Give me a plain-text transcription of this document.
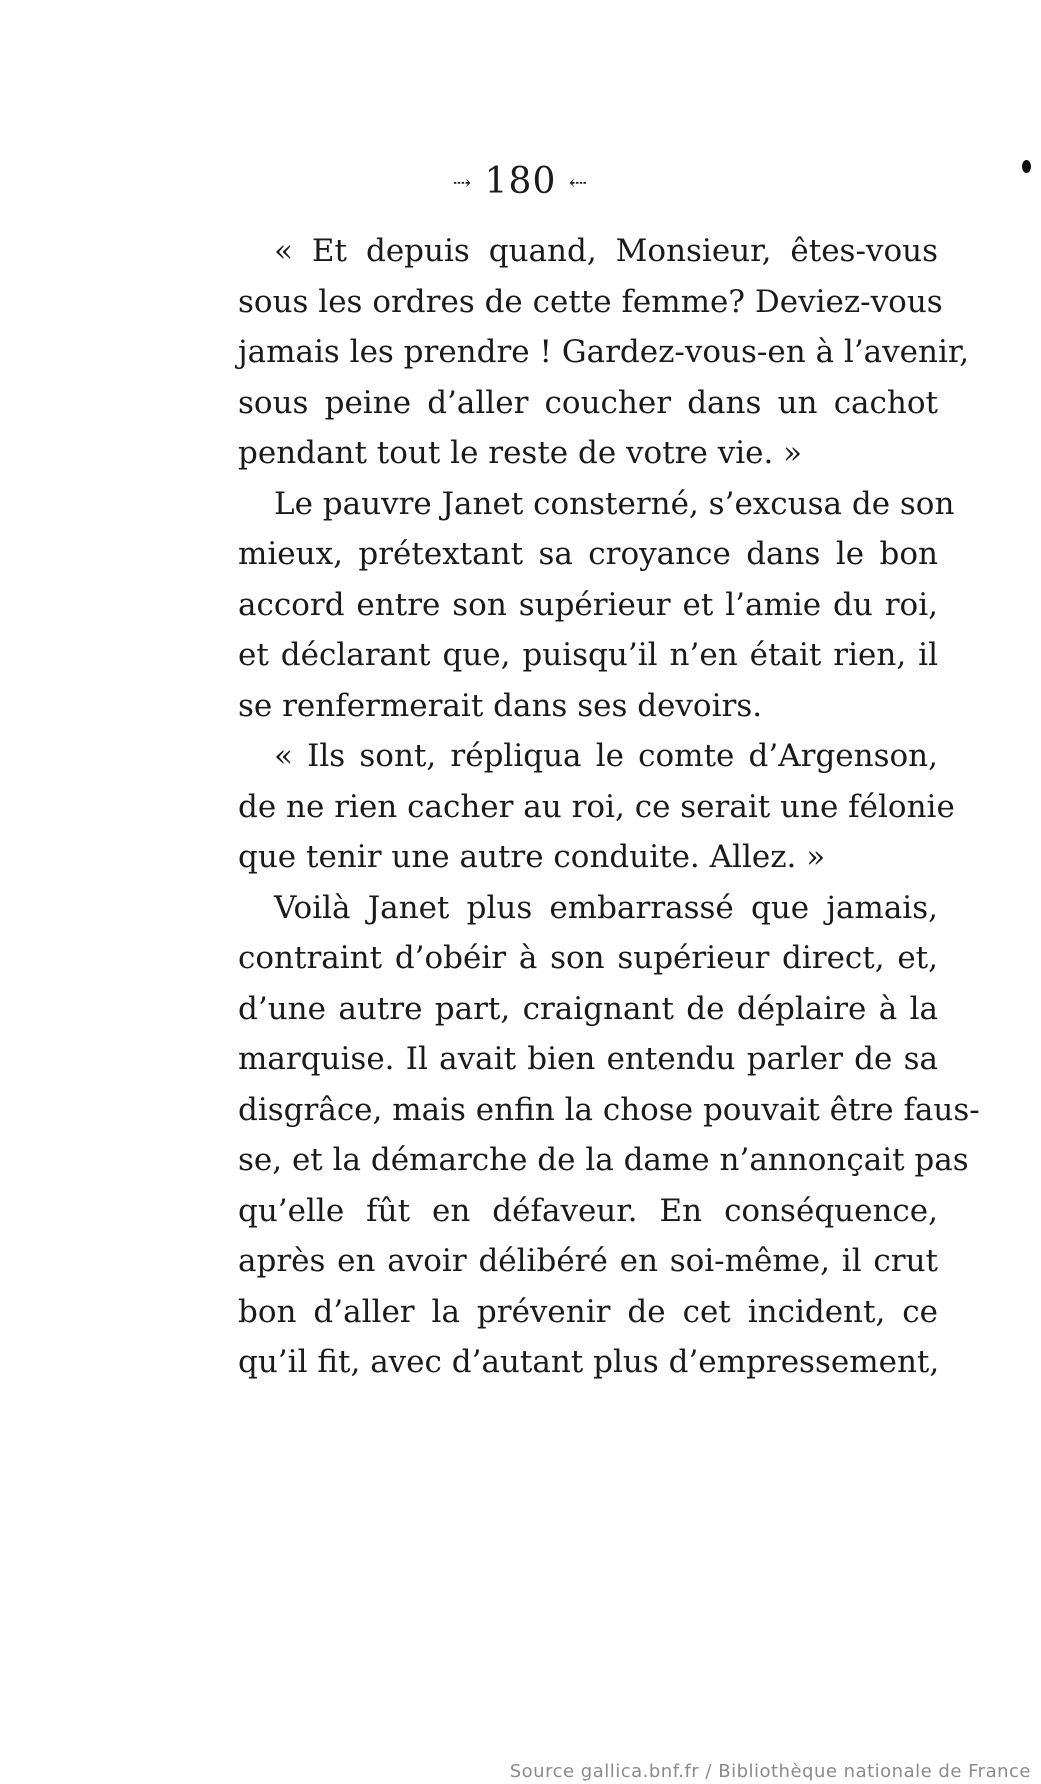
⇢ 180 ⇠
« Et depuis quand, Monsieur, êtes-vous
sous les ordres de cette femme? Deviez-vous
jamais les prendre ! Gardez-vous-en à l’avenir,
sous peine d’aller coucher dans un cachot
pendant tout le reste de votre vie. »
Le pauvre Janet consterné, s’excusa de son
mieux, prétextant sa croyance dans le bon
accord entre son supérieur et l’amie du roi,
et déclarant que, puisqu’il n’en était rien, il
se renfermerait dans ses devoirs.
« Ils sont, répliqua le comte d’Argenson,
de ne rien cacher au roi, ce serait une félonie
que tenir une autre conduite. Allez. »
Voilà Janet plus embarrassé que jamais,
contraint d’obéir à son supérieur direct, et,
d’une autre part, craignant de déplaire à la
marquise. Il avait bien entendu parler de sa
disgrâce, mais enfin la chose pouvait être faus-
se, et la démarche de la dame n’annonçait pas
qu’elle fût en défaveur. En conséquence,
après en avoir délibéré en soi-même, il crut
bon d’aller la prévenir de cet incident, ce
qu’il fit, avec d’autant plus d’empressement,
Source gallica.bnf.fr / Bibliothèque nationale de France
